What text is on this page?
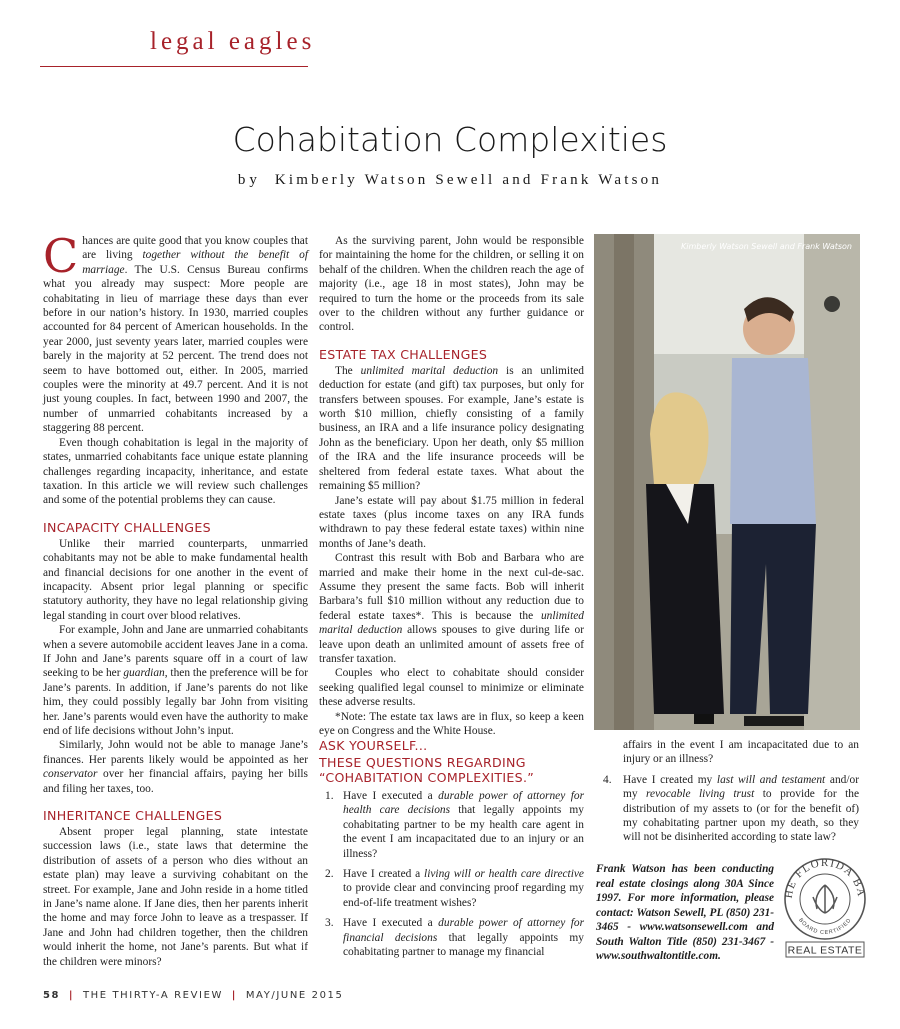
legal eagles
Cohabitation Complexities
by Kimberly Watson Sewell and Frank Watson

Chances are quite good that you know couples that are living together without the benefit of marriage. The U.S. Census Bureau confirms what you already may suspect: More people are cohabitating in lieu of marriage these days than ever before in our nation’s history. In 1930, married couples accounted for 84 percent of American households. In the year 2000, just seventy years later, married couples were barely in the majority at 52 percent. The trend does not seem to have bottomed out, either. In 2005, married couples were the minority at 49.7 percent. And it is not just young couples. In fact, between 1990 and 2007, the number of unmarried cohabitants increased by a staggering 88 percent.

Even though cohabitation is legal in the majority of states, unmarried cohabitants face unique estate planning challenges regarding incapacity, inheritance, and estate taxation. In this article we will review such challenges and some of the potential problems they can cause.

INCAPACITY CHALLENGES

Unlike their married counterparts, unmarried cohabitants may not be able to make fundamental health and financial decisions for one another in the event of incapacity. Absent prior legal planning or specific statutory authority, they have no legal relationship giving legal standing in court over blood relatives.

For example, John and Jane are unmarried cohabitants when a severe automobile accident leaves Jane in a coma. If John and Jane’s parents square off in a court of law seeking to be her guardian, then the preference will be for Jane’s parents. In addition, if Jane’s parents do not like him, they could possibly legally bar John from visiting her. Jane’s parents would even have the authority to make end of life decisions without John’s input.

Similarly, John would not be able to manage Jane’s finances. Her parents likely would be appointed as her conservator over her financial affairs, paying her bills and filing her taxes, too.

INHERITANCE CHALLENGES

Absent proper legal planning, state intestate succession laws (i.e., state laws that determine the distribution of assets of a person who dies without an estate plan) may leave a surviving cohabitant on the street. For example, Jane and John reside in a home titled in Jane’s name alone. If Jane dies, then her parents inherit the home and may force John to leave as a trespasser. If Jane and John had children together, then the children would inherit the home, not Jane’s parents. But what if the children were minors?

As the surviving parent, John would be responsible for maintaining the home for the children, or selling it on behalf of the children. When the children reach the age of majority (i.e., age 18 in most states), John may be required to turn the home or the proceeds from its sale over to the children without any further guidance or control.

ESTATE TAX CHALLENGES

The unlimited marital deduction is an unlimited deduction for estate (and gift) tax purposes, but only for transfers between spouses. For example, Jane’s estate is worth $10 million, chiefly consisting of a family business, an IRA and a life insurance policy designating John as the beneficiary. Upon her death, only $5 million of the IRA and the life insurance proceeds will be sheltered from federal estate taxes. What about the remaining $5 million?

Jane’s estate will pay about $1.75 million in federal estate taxes (plus income taxes on any IRA funds withdrawn to pay these federal estate taxes) within nine months of Jane’s death.

Contrast this result with Bob and Barbara who are married and make their home in the next cul-de-sac. Assume they present the same facts. Bob will inherit Barbara’s full $10 million without any reduction due to federal estate taxes*. This is because the unlimited marital deduction allows spouses to give during life or leave upon death an unlimited amount of assets free of transfer taxation.

Couples who elect to cohabitate should consider seeking qualified legal counsel to minimize or eliminate these adverse results.

*Note: The estate tax laws are in flux, so keep a keen eye on Congress and the White House.

Kimberly Watson Sewell and Frank Watson
ASK YOURSELF...
THESE QUESTIONS REGARDING
“COHABITATION COMPLEXITIES.”
1. Have I executed a durable power of attorney for health care decisions that legally appoints my cohabitating partner to be my health care agent in the event I am incapacitated due to an injury or an illness?
2. Have I created a living will or health care directive to provide clear and convincing proof regarding my end-of-life treatment wishes?
3. Have I executed a durable power of attorney for financial decisions that legally appoints my cohabitating partner to manage my financial
affairs in the event I am incapacitated due to an injury or an illness?
4. Have I created my last will and testament and/or my revocable living trust to provide for the distribution of my assets to (or for the benefit of) my cohabitating partner upon my death, so they will not be disinherited according to state law?
Frank Watson has been conducting real estate closings along 30A Since 1997. For more information, please contact: Watson Sewell, PL (850) 231-3465 - www.watsonsewell.com and South Walton Title (850) 231-3467 - www.southwaltontitle.com.
HE FLORIDA BA
BOARD CERTIFIED
REAL ESTATE
58 | THE THIRTY-A REVIEW | MAY/JUNE 2015
